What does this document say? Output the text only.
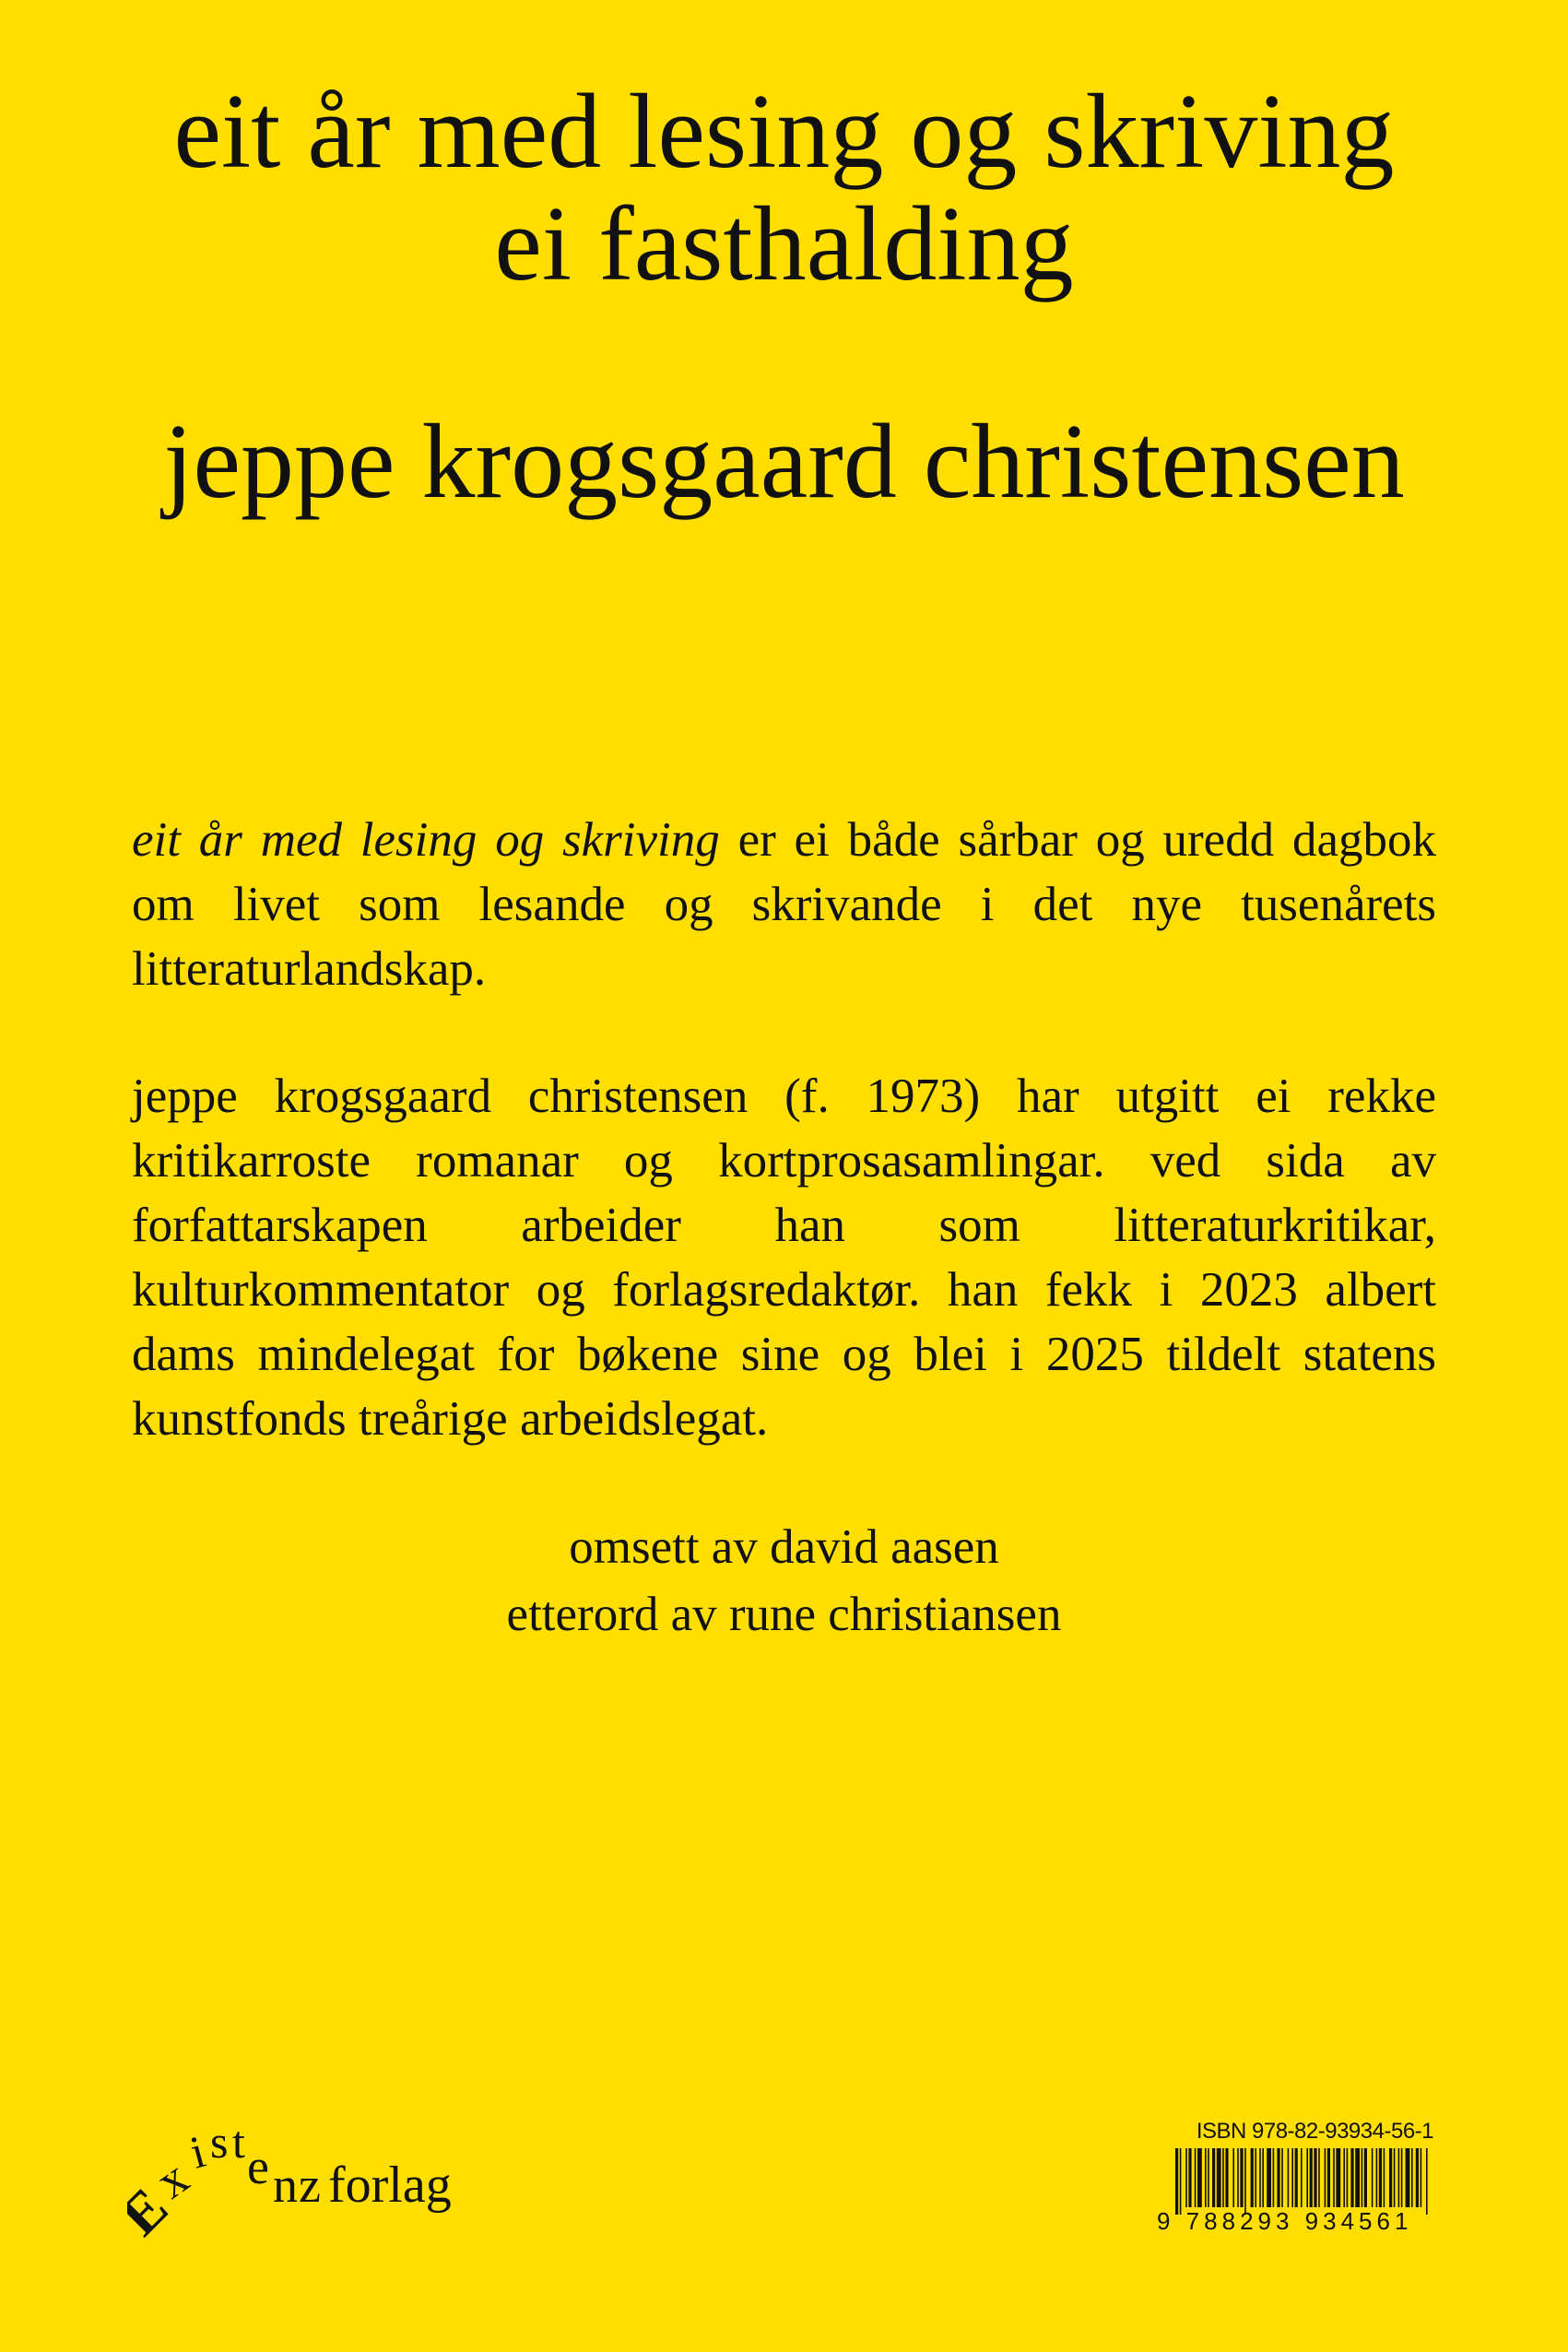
eit år med lesing og skriving
ei fasthalding
jeppe krogsgaard christensen
eit år med lesing og skriving er ei både sårbar og uredd dagbok om livet som lesande og skrivande i det nye tusenårets litteraturlandskap.
jeppe krogsgaard christensen (f. 1973) har utgitt ei rekke kritikarroste romanar og kortprosasamlingar. ved sida av forfattarskapen arbeider han som litteraturkritikar, kulturkommentator og forlagsredaktør. han fekk i 2023 albert dams mindelegat for bøkene sine og blei i 2025 tildelt statens kunstfonds treårige arbeidslegat.
omsett av david aasen
etterord av rune christiansen
E
x
i s t e n z forlag
ISBN 978-82-93934-56-1
9 788293 934561
